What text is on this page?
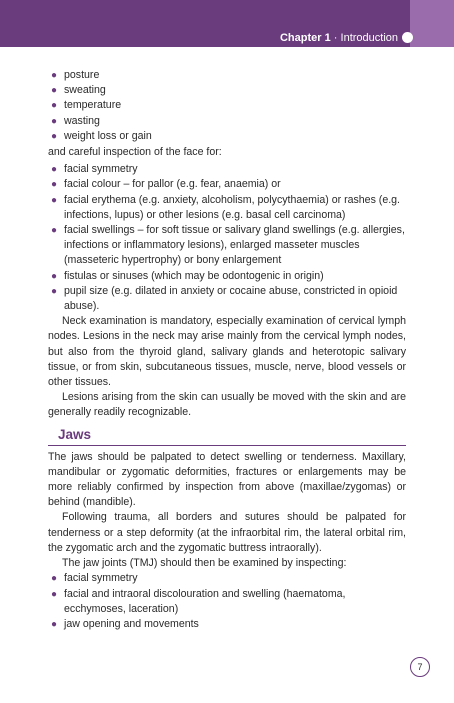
Chapter 1 · Introduction
● posture
● sweating
● temperature
● wasting
● weight loss or gain

and careful inspection of the face for:

● facial symmetry
● facial colour – for pallor (e.g. fear, anaemia) or
● facial erythema (e.g. anxiety, alcoholism, polycythaemia) or rashes (e.g. infections, lupus) or other lesions (e.g. basal cell carcinoma)
● facial swellings – for soft tissue or salivary gland swellings (e.g. allergies, infections or inflammatory lesions), enlarged masseter muscles (masseteric hypertrophy) or bony enlargement
● fistulas or sinuses (which may be odontogenic in origin)
● pupil size (e.g. dilated in anxiety or cocaine abuse, constricted in opioid abuse).

Neck examination is mandatory, especially examination of cervical lymph nodes. Lesions in the neck may arise mainly from the cervical lymph nodes, but also from the thyroid gland, salivary glands and heterotopic salivary tissue, or from skin, subcutaneous tissues, muscle, nerve, blood vessels or other tissues.

Lesions arising from the skin can usually be moved with the skin and are generally readily recognizable.

Jaws

The jaws should be palpated to detect swelling or tenderness. Maxillary, mandibular or zygomatic deformities, fractures or enlargements may be more reliably confirmed by inspection from above (maxillae/zygomas) or behind (mandible).

Following trauma, all borders and sutures should be palpated for tenderness or a step deformity (at the infraorbital rim, the lateral orbital rim, the zygomatic arch and the zygomatic buttress intraorally).

The jaw joints (TMJ) should then be examined by inspecting:

● facial symmetry
● facial and intraoral discolouration and swelling (haematoma, ecchymoses, laceration)
● jaw opening and movements
7
